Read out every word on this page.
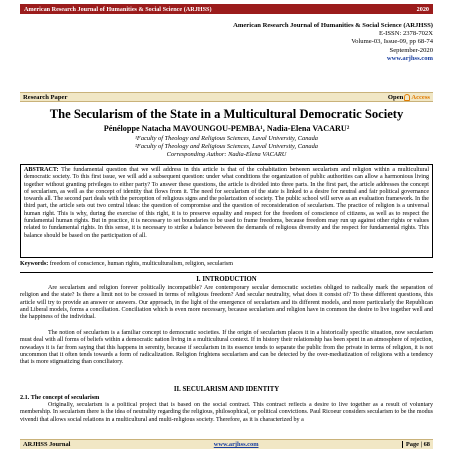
American Research Journal of Humanities & Social Science (ARJHSS)	2020
American Research Journal of Humanities & Social Science (ARJHSS)
E-ISSN: 2378-702X
Volume-03, Issue-09, pp 68-74
September-2020
www.arjhss.com
Research Paper	Open Access
The Secularism of the State in a Multicultural Democratic Society
Pénéloppe Natacha MAVOUNGOU-PEMBA¹, Nadia-Elena VACARU²
¹Faculty of Theology and Religious Sciences, Laval University, Canada
²Faculty of Theology and Religious Sciences, Laval University, Canada
Corresponding Author: Nadia-Elena VACARU
ABSTRACT: The fundamental question that we will address in this article is that of the cohabitation between secularism and religion within a multicultural democratic society. To this first issue, we will add a subsequent question: under what conditions the organization of public authorities can allow a harmonious living together without granting privileges to either party? To answer these questions, the article is divided into three parts. In the first part, the article addresses the concept of secularism, as well as the concept of identity that flows from it. The need for secularism of the state is linked to a desire for neutral and fair political governance towards all. The second part deals with the perception of religious signs and the polarization of society. The public school will serve as an evaluation framework. In the third part, the article sets out two central ideas: the question of compromise and the question of reconsideration of secularism. The practice of religion is a universal human right. This is why, during the exercise of this right, it is to preserve equality and respect for the freedom of conscience of citizens, as well as to respect the fundamental human rights. But in practice, it is necessary to set boundaries to be used to frame freedoms, because freedom may run up against other rights or values related to fundamental rights. In this sense, it is necessary to strike a balance between the demands of religious diversity and the respect for fundamental rights. This balance should be based on the participation of all.
Keywords: freedom of conscience, human rights, multiculturalism, religion, secularism
I. INTRODUCTION
Are secularism and religion forever politically incompatible? Are contemporary secular democratic societies obliged to radically mark the separation of religion and the state? Is there a limit not to be crossed in terms of religious freedom? And secular neutrality, what does it consist of? To these different questions, this article will try to provide an answer or answers. Our approach, in the light of the emergence of secularism and its different models, and more particularly the Republican and Liberal models, forms a conciliation. Conciliation which is even more necessary, because secularism and religion have in common the desire to live together well and the happiness of the individual.
The notion of secularism is a familiar concept to democratic societies. If the origin of secularism places it in a historically specific situation, now secularism must deal with all forms of beliefs within a democratic nation living in a multicultural context. If in history their relationship has been spent in an atmosphere of rejection, nowadays it is far from saying that this happens in serenity, because if secularism in its essence tends to separate the public from the private in terms of religion, it is not uncommon that it often tends towards a form of radicalization. Religion frightens secularism and can be detected by the over-mediatization of religions with a tendency that is more stigmatizing than conciliatory.
II. SECULARISM AND IDENTITY
2.1. The concept of secularism
Originally, secularism is a political project that is based on the social contract. This contract reflects a desire to live together as a result of voluntary membership. In secularism there is the idea of neutrality regarding the religious, philosophical, or political convictions. Paul Ricoeur considers secularism to be the modus vivendi that allows social relations in a multicultural and multi-religious society. Therefore, as it is characterized by a
ARJHSS Journal	www.arjhss.com	Page | 68
